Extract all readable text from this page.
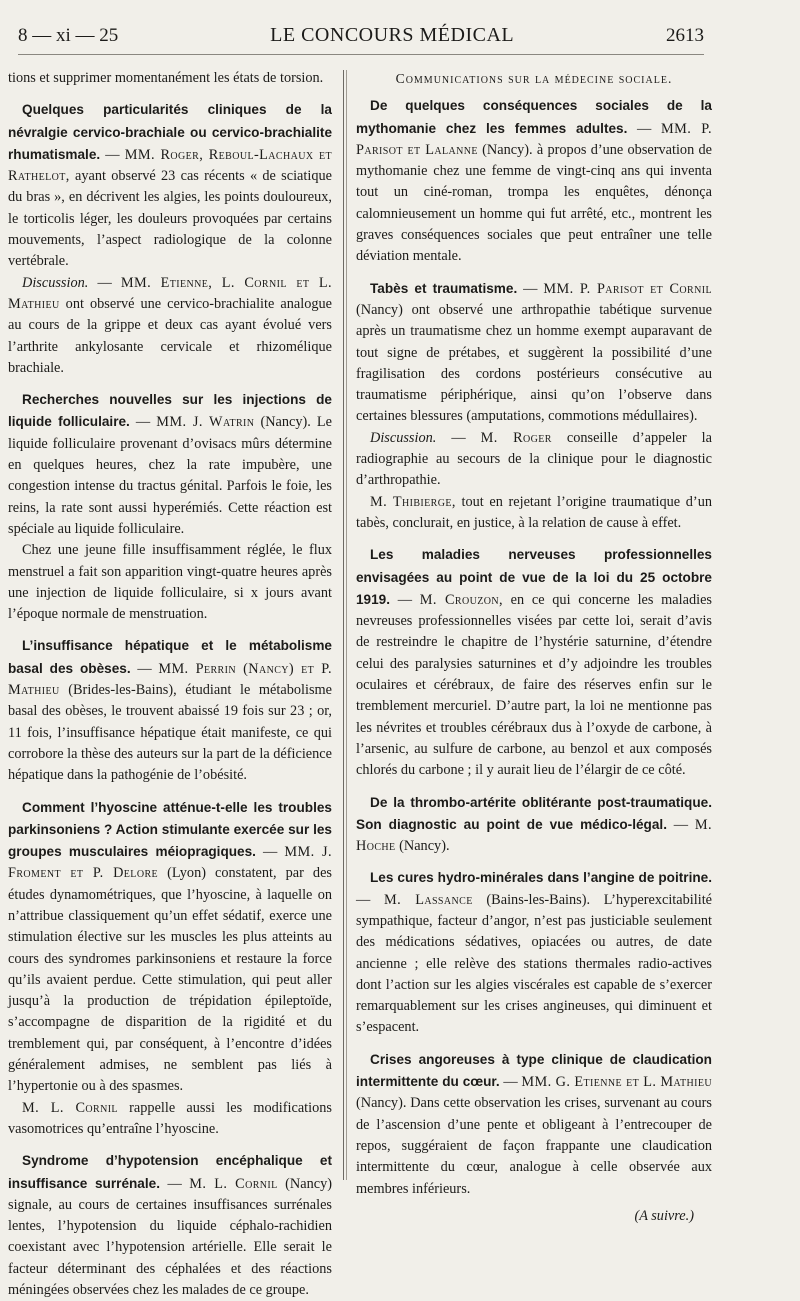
8 — xi — 25	LE CONCOURS MÉDICAL	2613

tions et supprimer momentanément les états de torsion.

Quelques particularités cliniques de la névralgie cervico-brachiale ou cervico-brachialite rhumatismale. — MM. Roger, Reboul-Lachaux et Rathelot, ayant observé 23 cas récents « de sciatique du bras », en décrivent les algies, les points douloureux, le torticolis léger, les douleurs provoquées par certains mouvements, l’aspect radiologique de la colonne vertébrale.

Discussion. — MM. Etienne, L. Cornil et L. Mathieu ont observé une cervico-brachialite analogue au cours de la grippe et deux cas ayant évolué vers l’arthrite ankylosante cervicale et rhizomélique brachiale.

Recherches nouvelles sur les injections de liquide folliculaire. — MM. J. Watrin (Nancy). Le liquide folliculaire provenant d’ovisacs mûrs détermine en quelques heures, chez la rate impubère, une congestion intense du tractus génital. Parfois le foie, les reins, la rate sont aussi hyperémiés. Cette réaction est spéciale au liquide folliculaire.

Chez une jeune fille insuffisamment réglée, le flux menstruel a fait son apparition vingt-quatre heures après une injection de liquide folliculaire, si x jours avant l’époque normale de menstruation.

L’insuffisance hépatique et le métabolisme basal des obèses. — MM. Perrin (Nancy) et P. Mathieu (Brides-les-Bains), étudiant le métabolisme basal des obèses, le trouvent abaissé 19 fois sur 23 ; or, 11 fois, l’insuffisance hépatique était manifeste, ce qui corrobore la thèse des auteurs sur la part de la déficience hépatique dans la pathogénie de l’obésité.

Comment l’hyoscine atténue-t-elle les troubles parkinsoniens ? Action stimulante exercée sur les groupes musculaires méiopragiques. — MM. J. Froment et P. Delore (Lyon) constatent, par des études dynamométriques, que l’hyoscine, à laquelle on n’attribue classiquement qu’un effet sédatif, exerce une stimulation élective sur les muscles les plus atteints au cours des syndromes parkinsoniens et restaure la force qu’ils avaient perdue. Cette stimulation, qui peut aller jusqu’à la production de trépidation épileptoïde, s’accompagne de disparition de la rigidité et du tremblement qui, par conséquent, à l’encontre d’idées généralement admises, ne semblent pas liés à l’hypertonie ou à des spasmes.

M. L. Cornil rappelle aussi les modifications vasomotrices qu’entraîne l’hyoscine.

Syndrome d’hypotension encéphalique et insuffisance surrénale. — M. L. Cornil (Nancy) signale, au cours de certaines insuffisances surrénales lentes, l’hypotension du liquide céphalo-rachidien coexistant avec l’hypotension artérielle. Elle serait le facteur déterminant des céphalées et des réactions méningées observées chez les malades de ce groupe.

Communications sur la médecine sociale.

De quelques conséquences sociales de la mythomanie chez les femmes adultes. — MM. P. Parisot et Lalanne (Nancy). à propos d’une observation de mythomanie chez une femme de vingt-cinq ans qui inventa tout un ciné-roman, trompa les enquêtes, dénonça calomnieusement un homme qui fut arrêté, etc., montrent les graves conséquences sociales que peut entraîner une telle déviation mentale.

Tabès et traumatisme. — MM. P. Parisot et Cornil (Nancy) ont observé une arthropathie tabétique survenue après un traumatisme chez un homme exempt auparavant de tout signe de prétabes, et suggèrent la possibilité d’une fragilisation des cordons postérieurs consécutive au traumatisme périphérique, ainsi qu’on l’observe dans certaines blessures (amputations, commotions médullaires).

Discussion. — M. Roger conseille d’appeler la radiographie au secours de la clinique pour le diagnostic d’arthropathie.

M. Thibierge, tout en rejetant l’origine traumatique d’un tabès, conclurait, en justice, à la relation de cause à effet.

Les maladies nerveuses professionnelles envisagées au point de vue de la loi du 25 octobre 1919. — M. Crouzon, en ce qui concerne les maladies nevreuses professionnelles visées par cette loi, serait d’avis de restreindre le chapitre de l’hystérie saturnine, d’étendre celui des paralysies saturnines et d’y adjoindre les troubles oculaires et cérébraux, de faire des réserves enfin sur le tremblement mercuriel. D’autre part, la loi ne mentionne pas les névrites et troubles cérébraux dus à l’oxyde de carbone, à l’arsenic, au sulfure de carbone, au benzol et aux composés chlorés du carbone ; il y aurait lieu de l’élargir de ce côté.

De la thrombo-artérite oblitérante post-traumatique. Son diagnostic au point de vue médico-légal. — M. Hoche (Nancy).

Les cures hydro-minérales dans l’angine de poitrine. — M. Lassance (Bains-les-Bains). L’hyperexcitabilité sympathique, facteur d’angor, n’est pas justiciable seulement des médications sédatives, opiacées ou autres, de date ancienne ; elle relève des stations thermales radio-actives dont l’action sur les algies viscérales est capable de s’exercer remarquablement sur les crises angineuses, qui diminuent et s’espacent.

Crises angoreuses à type clinique de claudication intermittente du cœur. — MM. G. Etienne et L. Mathieu (Nancy). Dans cette observation les crises, survenant au cours de l’ascension d’une pente et obligeant à l’entrecouper de repos, suggéraient de façon frappante une claudication intermittente du cœur, analogue à celle observée aux membres inférieurs.

(A suivre.)
